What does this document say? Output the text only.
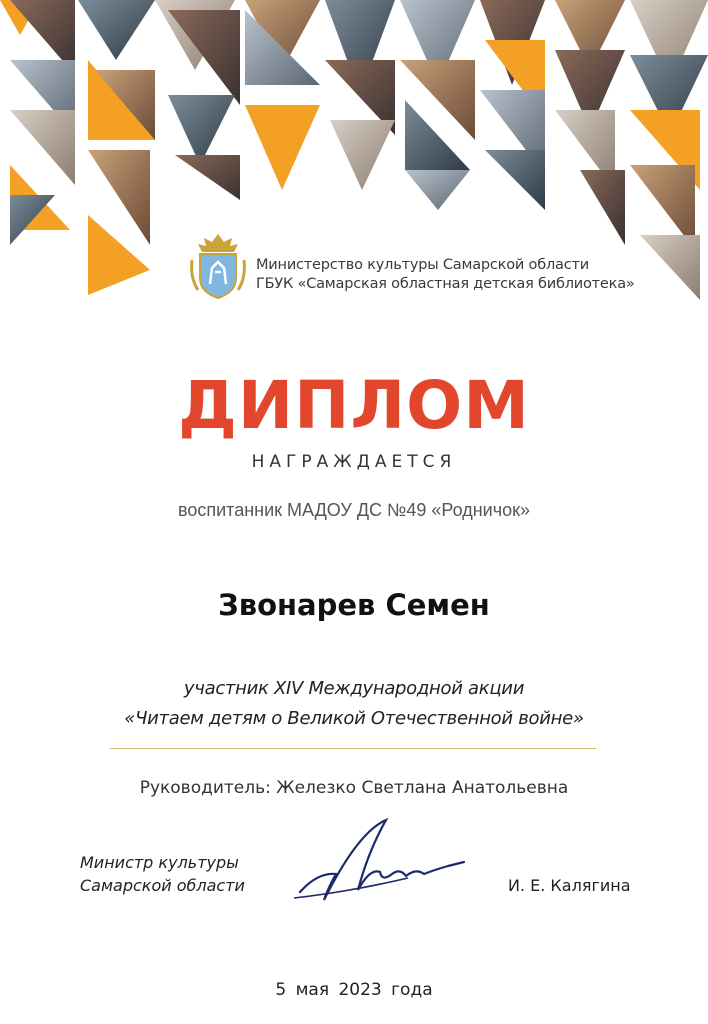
Министерство культуры Самарской области
ГБУК «Самарская областная детская библиотека»
ДИПЛОМ
НАГРАЖДАЕТСЯ
воспитанник МАДОУ ДС №49 «Родничок»
Звонарев Семен
участник XIV Международной акции
«Читаем детям о Великой Отечественной войне»
Руководитель: Железко Светлана Анатольевна
Министр культуры
Самарской области	И. Е. Калягина
5 мая 2023 года
